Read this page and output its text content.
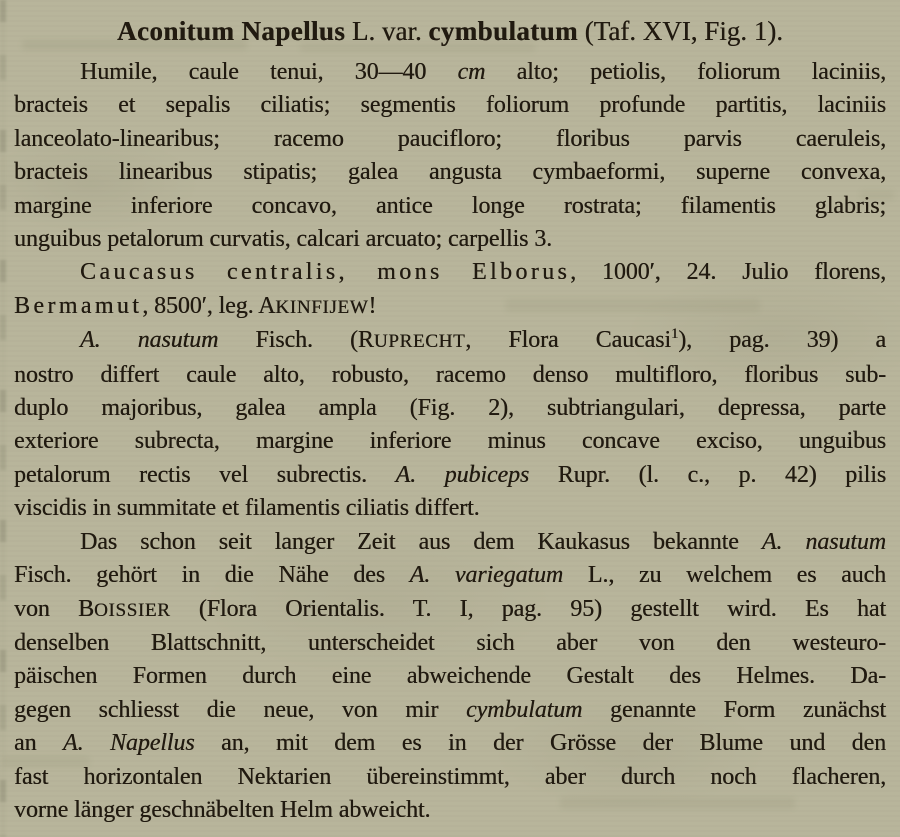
Aconitum Napellus L. var. cymbulatum (Taf. XVI, Fig. 1).
Humile, caule tenui, 30—40 cm alto; petiolis, foliorum laciniis,
bracteis et sepalis ciliatis; segmentis foliorum profunde partitis, laciniis
lanceolato-linearibus; racemo paucifloro; floribus parvis caeruleis,
bracteis linearibus stipatis; galea angusta cymbaeformi, superne convexa,
margine inferiore concavo, antice longe rostrata; filamentis glabris;
unguibus petalorum curvatis, calcari arcuato; carpellis 3.
Caucasus centralis, mons Elborus, 1000′, 24. Julio florens,
Bermamut, 8500′, leg. AKINFIJEW!
A. nasutum Fisch. (RUPRECHT, Flora Caucasi$^1$), pag. 39) a
nostro differt caule alto, robusto, racemo denso multifloro, floribus sub-
duplo majoribus, galea ampla (Fig. 2), subtriangulari, depressa, parte
exteriore subrecta, margine inferiore minus concave exciso, unguibus
petalorum rectis vel subrectis. A. pubiceps Rupr. (l. c., p. 42) pilis
viscidis in summitate et filamentis ciliatis differt.
Das schon seit langer Zeit aus dem Kaukasus bekannte A. nasutum
Fisch. gehört in die Nähe des A. variegatum L., zu welchem es auch
von BOISSIER (Flora Orientalis. T. I, pag. 95) gestellt wird. Es hat
denselben Blattschnitt, unterscheidet sich aber von den westeuro-
päischen Formen durch eine abweichende Gestalt des Helmes. Da-
gegen schliesst die neue, von mir cymbulatum genannte Form zunächst
an A. Napellus an, mit dem es in der Grösse der Blume und den
fast horizontalen Nektarien übereinstimmt, aber durch noch flacheren,
vorne länger geschnäbelten Helm abweicht.
